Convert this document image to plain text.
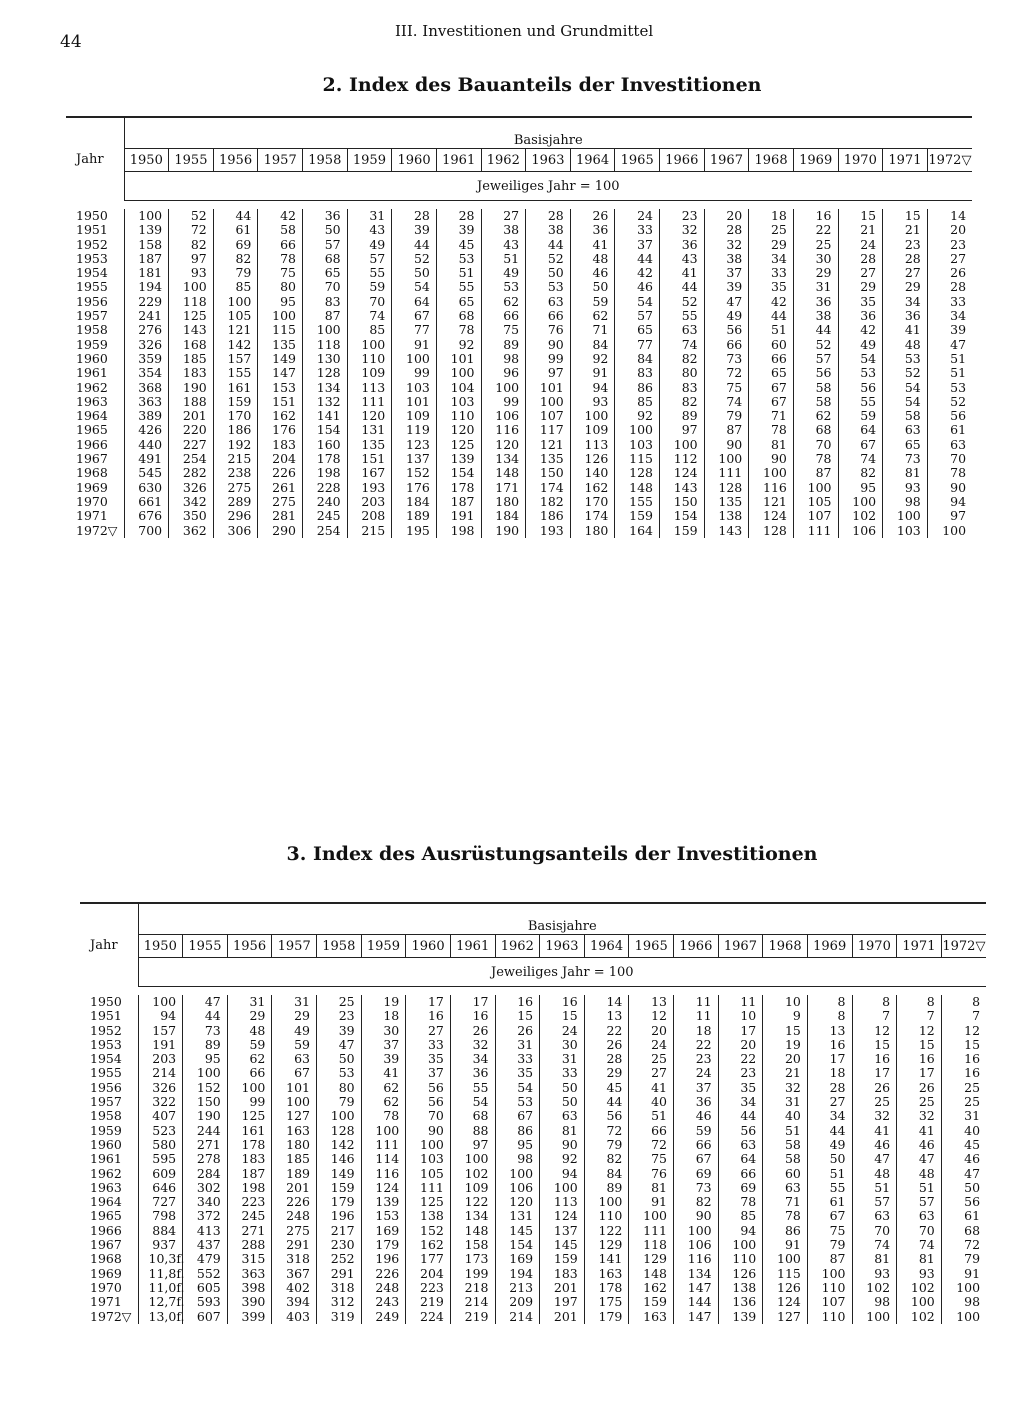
44
III. Investitionen und Grundmittel
2. Index des Bauanteils der Investitionen
Jahr	Basisjahre																		
	1950	1955	1956	1957	1958	1959	1960	1961	1962	1963	1964	1965	1966	1967	1968	1969	1970	1971	1972▽
	Jeweiliges Jahr = 100																		

1950	100	52	44	42	36	31	28	28	27	28	26	24	23	20	18	16	15	15	14
1951	139	72	61	58	50	43	39	39	38	38	36	33	32	28	25	22	21	21	20
1952	158	82	69	66	57	49	44	45	43	44	41	37	36	32	29	25	24	23	23
1953	187	97	82	78	68	57	52	53	51	52	48	44	43	38	34	30	28	28	27
1954	181	93	79	75	65	55	50	51	49	50	46	42	41	37	33	29	27	27	26
1955	194	100	85	80	70	59	54	55	53	53	50	46	44	39	35	31	29	29	28
1956	229	118	100	95	83	70	64	65	62	63	59	54	52	47	42	36	35	34	33
1957	241	125	105	100	87	74	67	68	66	66	62	57	55	49	44	38	36	36	34
1958	276	143	121	115	100	85	77	78	75	76	71	65	63	56	51	44	42	41	39
1959	326	168	142	135	118	100	91	92	89	90	84	77	74	66	60	52	49	48	47
1960	359	185	157	149	130	110	100	101	98	99	92	84	82	73	66	57	54	53	51
1961	354	183	155	147	128	109	99	100	96	97	91	83	80	72	65	56	53	52	51
1962	368	190	161	153	134	113	103	104	100	101	94	86	83	75	67	58	56	54	53
1963	363	188	159	151	132	111	101	103	99	100	93	85	82	74	67	58	55	54	52
1964	389	201	170	162	141	120	109	110	106	107	100	92	89	79	71	62	59	58	56
1965	426	220	186	176	154	131	119	120	116	117	109	100	97	87	78	68	64	63	61
1966	440	227	192	183	160	135	123	125	120	121	113	103	100	90	81	70	67	65	63
1967	491	254	215	204	178	151	137	139	134	135	126	115	112	100	90	78	74	73	70
1968	545	282	238	226	198	167	152	154	148	150	140	128	124	111	100	87	82	81	78
1969	630	326	275	261	228	193	176	178	171	174	162	148	143	128	116	100	95	93	90
1970	661	342	289	275	240	203	184	187	180	182	170	155	150	135	121	105	100	98	94
1971	676	350	296	281	245	208	189	191	184	186	174	159	154	138	124	107	102	100	97
1972▽	700	362	306	290	254	215	195	198	190	193	180	164	159	143	128	111	106	103	100
3. Index des Ausrüstungsanteils der Investitionen
Jahr	Basisjahre																		
	1950	1955	1956	1957	1958	1959	1960	1961	1962	1963	1964	1965	1966	1967	1968	1969	1970	1971	1972▽
	Jeweiliges Jahr = 100																		

1950	100	47	31	31	25	19	17	17	16	16	14	13	11	11	10	8	8	8	8
1951	94	44	29	29	23	18	16	16	15	15	13	12	11	10	9	8	7	7	7
1952	157	73	48	49	39	30	27	26	26	24	22	20	18	17	15	13	12	12	12
1953	191	89	59	59	47	37	33	32	31	30	26	24	22	20	19	16	15	15	15
1954	203	95	62	63	50	39	35	34	33	31	28	25	23	22	20	17	16	16	16
1955	214	100	66	67	53	41	37	36	35	33	29	27	24	23	21	18	17	17	16
1956	326	152	100	101	80	62	56	55	54	50	45	41	37	35	32	28	26	26	25
1957	322	150	99	100	79	62	56	54	53	50	44	40	36	34	31	27	25	25	25
1958	407	190	125	127	100	78	70	68	67	63	56	51	46	44	40	34	32	32	31
1959	523	244	161	163	128	100	90	88	86	81	72	66	59	56	51	44	41	41	40
1960	580	271	178	180	142	111	100	97	95	90	79	72	66	63	58	49	46	46	45
1961	595	278	183	185	146	114	103	100	98	92	82	75	67	64	58	50	47	47	46
1962	609	284	187	189	149	116	105	102	100	94	84	76	69	66	60	51	48	48	47
1963	646	302	198	201	159	124	111	109	106	100	89	81	73	69	63	55	51	51	50
1964	727	340	223	226	179	139	125	122	120	113	100	91	82	78	71	61	57	57	56
1965	798	372	245	248	196	153	138	134	131	124	110	100	90	85	78	67	63	63	61
1966	884	413	271	275	217	169	152	148	145	137	122	111	100	94	86	75	70	70	68
1967	937	437	288	291	230	179	162	158	154	145	129	118	106	100	91	79	74	74	72
1968	10,3f.	479	315	318	252	196	177	173	169	159	141	129	116	110	100	87	81	81	79
1969	11,8f.	552	363	367	291	226	204	199	194	183	163	148	134	126	115	100	93	93	91
1970	11,0f.	605	398	402	318	248	223	218	213	201	178	162	147	138	126	110	102	102	100
1971	12,7f.	593	390	394	312	243	219	214	209	197	175	159	144	136	124	107	98	100	98
1972▽	13,0f.	607	399	403	319	249	224	219	214	201	179	163	147	139	127	110	100	102	100
